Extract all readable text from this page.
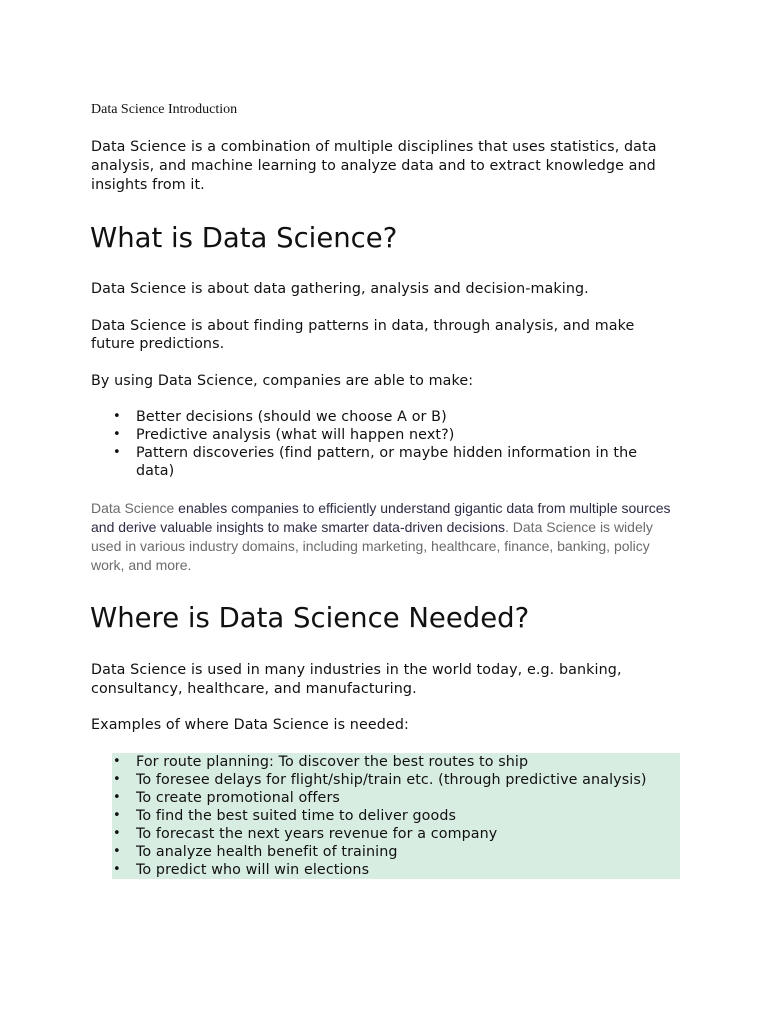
Data Science Introduction
Data Science is a combination of multiple disciplines that uses statistics, data analysis, and machine learning to analyze data and to extract knowledge and insights from it.
What is Data Science?
Data Science is about data gathering, analysis and decision-making.
Data Science is about finding patterns in data, through analysis, and make future predictions.
By using Data Science, companies are able to make:
• Better decisions (should we choose A or B)
• Predictive analysis (what will happen next?)
• Pattern discoveries (find pattern, or maybe hidden information in the data)
Data Science enables companies to efficiently understand gigantic data from multiple sources and derive valuable insights to make smarter data-driven decisions. Data Science is widely used in various industry domains, including marketing, healthcare, finance, banking, policy work, and more.
Where is Data Science Needed?
Data Science is used in many industries in the world today, e.g. banking, consultancy, healthcare, and manufacturing.
Examples of where Data Science is needed:
• For route planning: To discover the best routes to ship
• To foresee delays for flight/ship/train etc. (through predictive analysis)
• To create promotional offers
• To find the best suited time to deliver goods
• To forecast the next years revenue for a company
• To analyze health benefit of training
• To predict who will win elections
